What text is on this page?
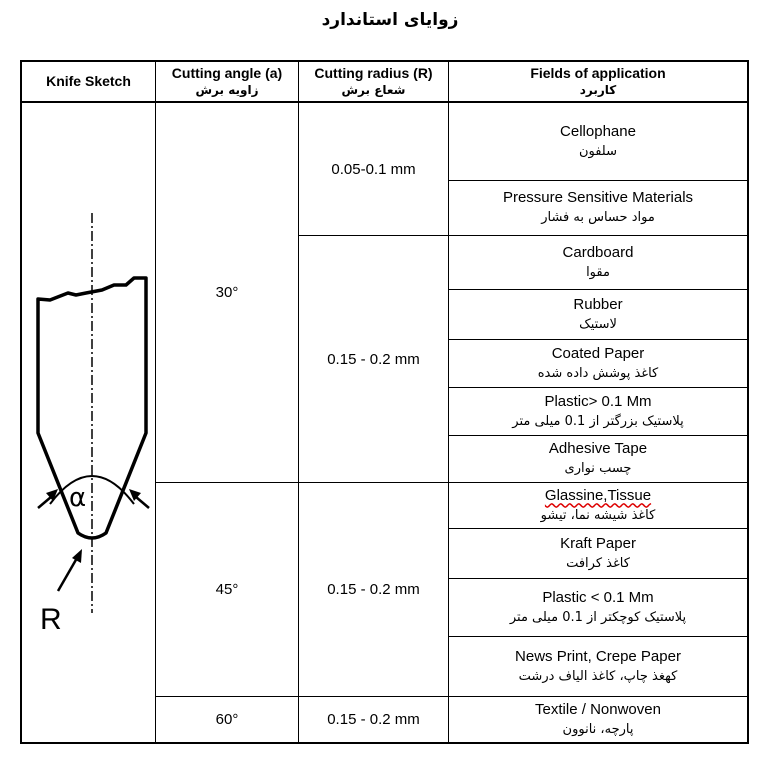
زوایای استاندارد
Knife Sketch	Cutting angle (a)
زاویه برش
Cutting radius (R)
شعاع برش
Fields of application
کاربرد
α
R
30°
45°
60°
0.05-0.1 mm
0.15 - 0.2 mm
0.15 - 0.2 mm
0.15 - 0.2 mm
Cellophane
سلفون
Pressure Sensitive Materials
مواد حساس به فشار
Cardboard
مقوا
Rubber
لاستیک
Coated Paper
کاغذ پوشش داده شده
Plastic> 0.1 Mm
پلاستیک بزرگتر از 0.1 میلی متر
Adhesive Tape
چسب نواری
Glassine,Tissue
کاغذ شیشه نما، تیشو
Kraft Paper
کاغذ کرافت
Plastic < 0.1 Mm
پلاستیک کوچکتر از 0.1 میلی متر
News Print, Crepe Paper
کهغذ چاپ، کاغذ الیاف درشت
Textile / Nonwoven
پارچه، نانوون
